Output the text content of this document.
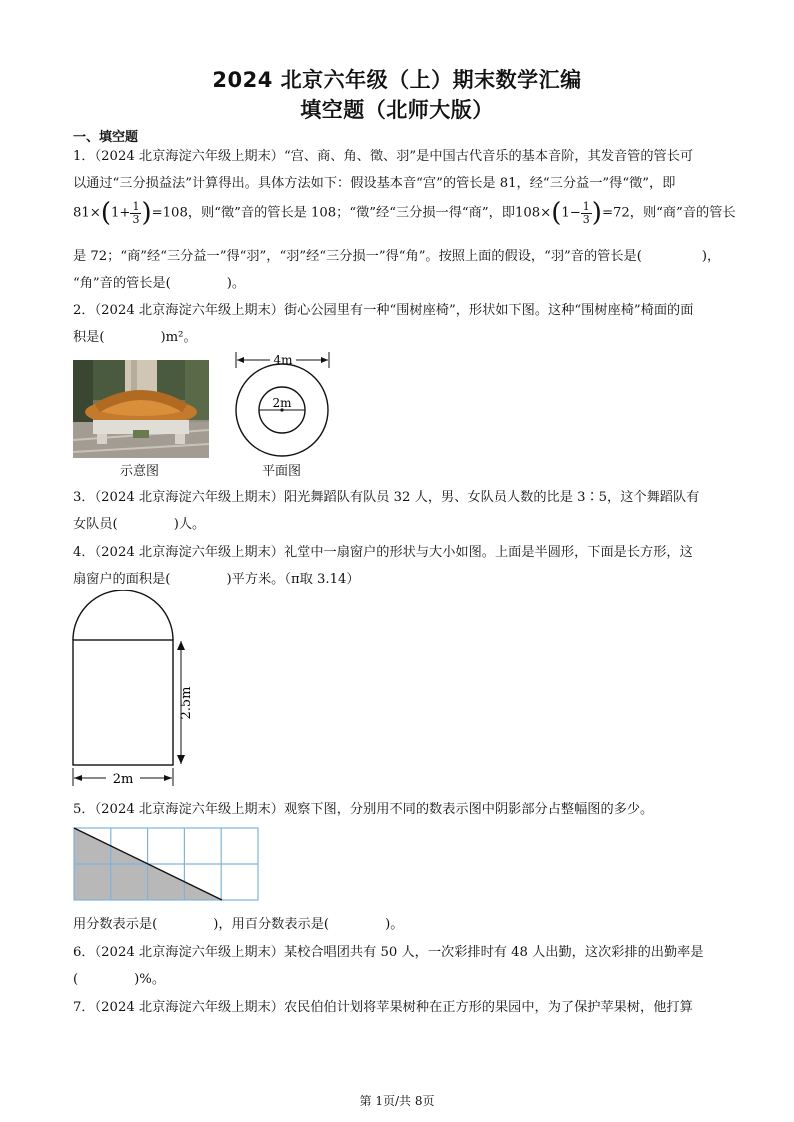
2024 北京六年级（上）期末数学汇编
填空题（北师大版）
一、填空题
1．（2024 北京海淀六年级上期末）“宫、商、角、徵、羽”是中国古代音乐的基本音阶，其发音管的管长可
以通过“三分损益法”计算得出。具体方法如下：假设基本音“宫”的管长是 81，经“三分益一”得“徵”，即
$81\times(1+ \frac{1}{3} )=108$，则“徵”音的管长是 108；“徵”经“三分损一得“商”，即$108\times(1- \frac{1}{3} )=72$，则“商”音的管长
是 72；“商”经“三分益一”得“羽”，“羽”经“三分损一”得“角”。按照上面的假设，“羽”音的管长是(	)，
“角”音的管长是(	)。
2．（2024 北京海淀六年级上期末）街心公园里有一种“围树座椅”，形状如下图。这种“围树座椅”椅面的面
积是(	)m²。
示意图
4m
2m
平面图
3．（2024 北京海淀六年级上期末）阳光舞蹈队有队员 32 人，男、女队员人数的比是 3∶5，这个舞蹈队有
女队员(	)人。
4．（2024 北京海淀六年级上期末）礼堂中一扇窗户的形状与大小如图。上面是半圆形，下面是长方形，这
扇窗户的面积是(	)平方米。（π取 3.14）
2.5m
2m
5．（2024 北京海淀六年级上期末）观察下图，分别用不同的数表示图中阴影部分占整幅图的多少。
用分数表示是(	)，用百分数表示是(	)。
6．（2024 北京海淀六年级上期末）某校合唱团共有 50 人，一次彩排时有 48 人出勤，这次彩排的出勤率是
(	)%。
7．（2024 北京海淀六年级上期末）农民伯伯计划将苹果树种在正方形的果园中，为了保护苹果树，他打算
第 1页/共 8页
